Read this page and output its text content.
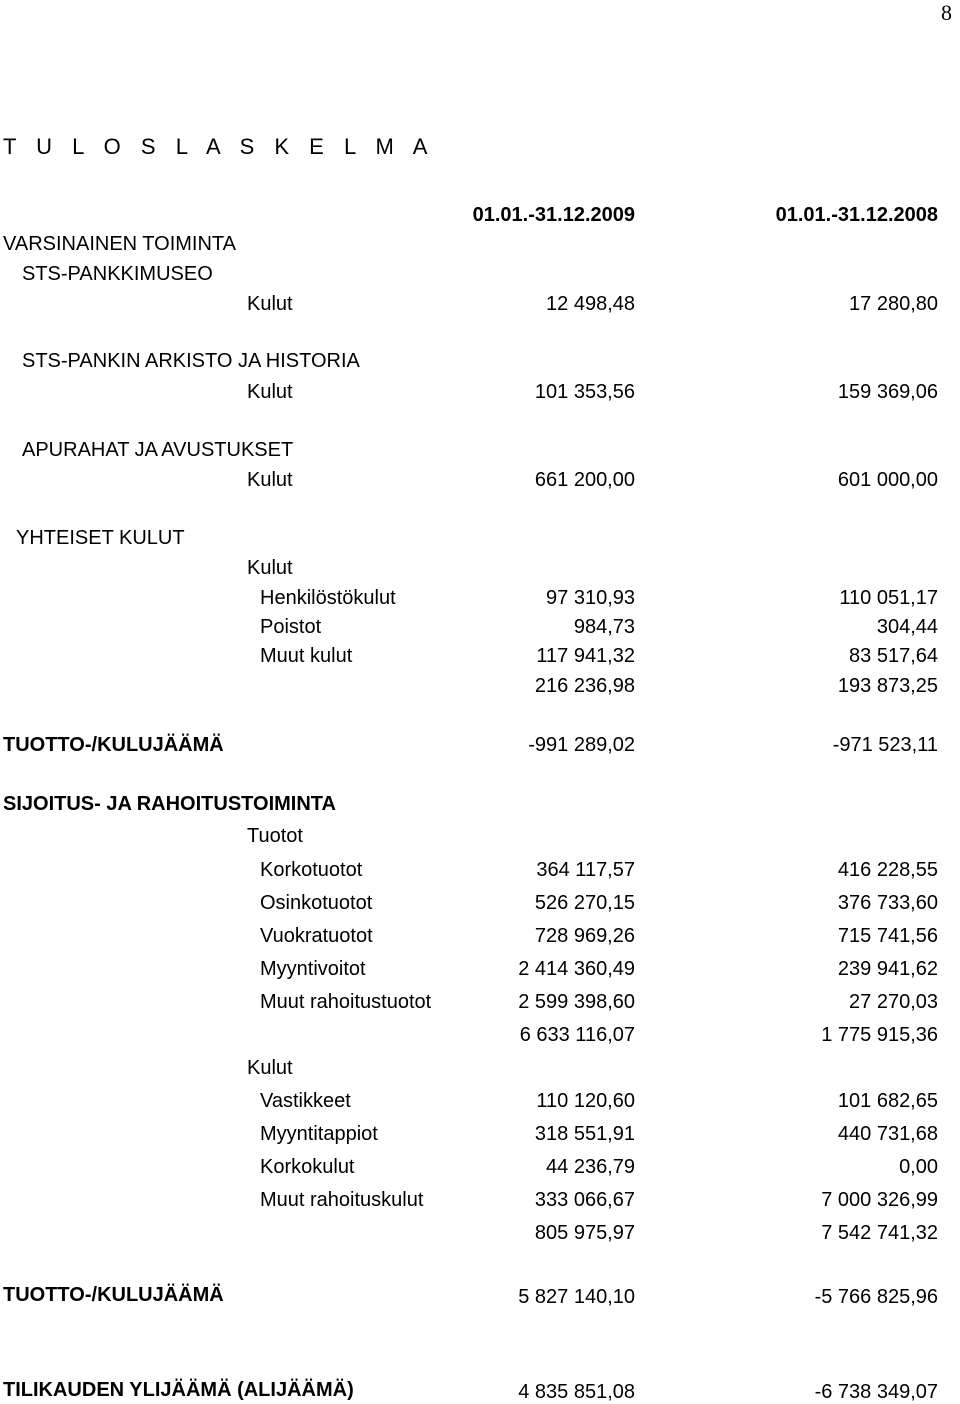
8
T U L O S L A S K E L M A
01.01.-31.12.2009	01.01.-31.12.2008
VARSINAINEN TOIMINTA
STS-PANKKIMUSEO
Kulut	12 498,48	17 280,80
STS-PANKIN ARKISTO JA HISTORIA
Kulut	101 353,56	159 369,06
APURAHAT JA AVUSTUKSET
Kulut	661 200,00	601 000,00
YHTEISET KULUT
Kulut
Henkilöstökulut	97 310,93	110 051,17
Poistot	984,73	304,44
Muut kulut	117 941,32	83 517,64
216 236,98	193 873,25
TUOTTO-/KULUJÄÄMÄ	-991 289,02	-971 523,11
SIJOITUS- JA RAHOITUSTOIMINTA
Tuotot
Korkotuotot	364 117,57	416 228,55
Osinkotuotot	526 270,15	376 733,60
Vuokratuotot	728 969,26	715 741,56
Myyntivoitot	2 414 360,49	239 941,62
Muut rahoitustuotot	2 599 398,60	27 270,03
6 633 116,07	1 775 915,36
Kulut
Vastikkeet	110 120,60	101 682,65
Myyntitappiot	318 551,91	440 731,68
Korkokulut	44 236,79	0,00
Muut rahoituskulut	333 066,67	7 000 326,99
805 975,97	7 542 741,32
TUOTTO-/KULUJÄÄMÄ	5 827 140,10	-5 766 825,96
TILIKAUDEN YLIJÄÄMÄ (ALIJÄÄMÄ)	4 835 851,08	-6 738 349,07
